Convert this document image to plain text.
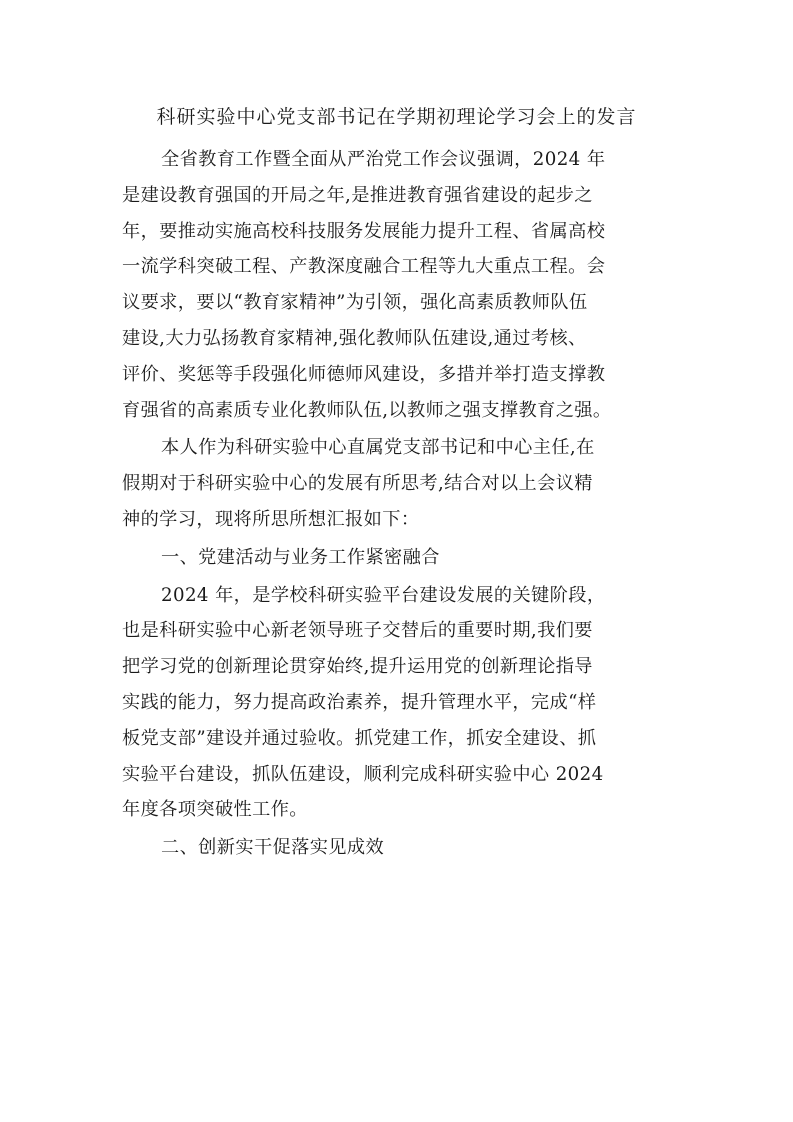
科研实验中心党支部书记在学期初理论学习会上的发言
全省教育工作暨全面从严治党工作会议强调，2024 年
是建设教育强国的开局之年,是推进教育强省建设的起步之
年，要推动实施高校科技服务发展能力提升工程、省属高校
一流学科突破工程、产教深度融合工程等九大重点工程。会
议要求，要以“教育家精神”为引领，强化高素质教师队伍
建设,大力弘扬教育家精神,强化教师队伍建设,通过考核、
评价、奖惩等手段强化师德师风建设，多措并举打造支撑教
育强省的高素质专业化教师队伍,以教师之强支撑教育之强。
本人作为科研实验中心直属党支部书记和中心主任,在
假期对于科研实验中心的发展有所思考,结合对以上会议精
神的学习，现将所思所想汇报如下：
一、党建活动与业务工作紧密融合
2024 年，是学校科研实验平台建设发展的关键阶段，
也是科研实验中心新老领导班子交替后的重要时期,我们要
把学习党的创新理论贯穿始终,提升运用党的创新理论指导
实践的能力，努力提高政治素养，提升管理水平，完成“样
板党支部”建设并通过验收。抓党建工作，抓安全建设、抓
实验平台建设，抓队伍建设，顺利完成科研实验中心 2024
年度各项突破性工作。
二、创新实干促落实见成效
